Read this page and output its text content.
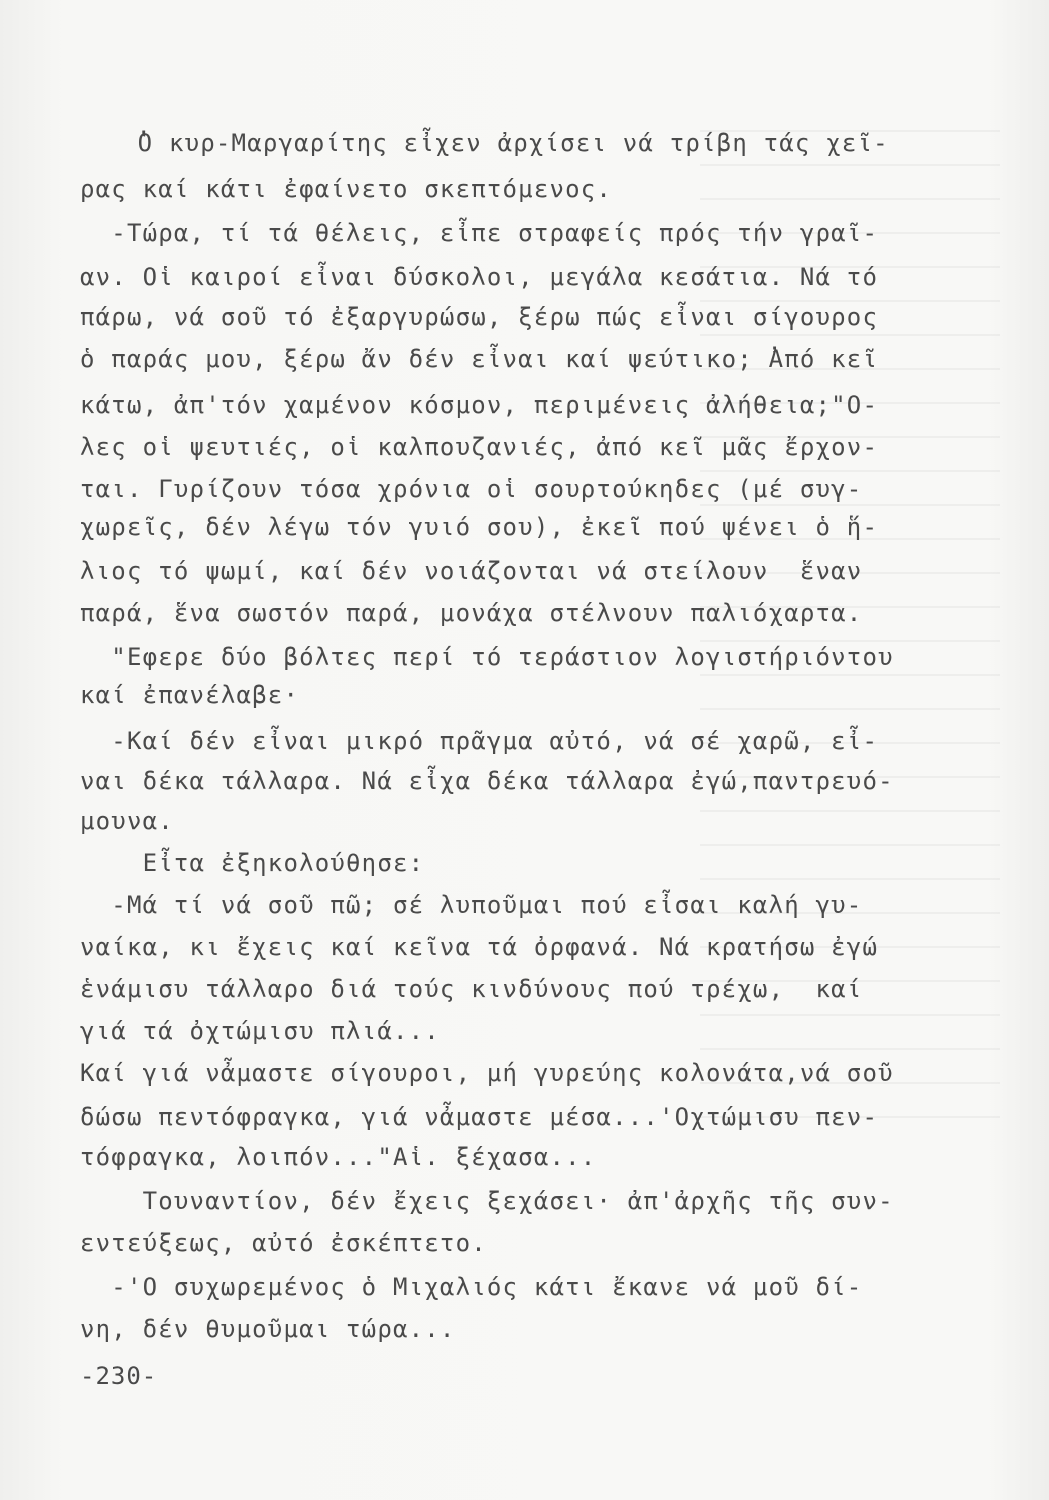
̔Ο κυρ-Μαργαρίτης εἶχεν ἀρχίσει νά τρίβη τάς χεῖ-
ρας καί κάτι ἐφαίνετο σκεπτόμενος.
-Τώρα, τί τά θέλεις, εἶπε στραφείς πρός τήν γραῖ-
αν. Οἱ καιροί εἶναι δύσκολοι, μεγάλα κεσάτια. Νά τό
πάρω, νά σοῦ τό ἐξαργυρώσω, ξέρω πώς εἶναι σίγουρος
ὁ παράς μου, ξέρω ἄν δέν εἶναι καί ψεύτικο; ̓Από κεῖ
κάτω, ἀπ'τόν χαμένον κόσμον, περιμένεις ἀλήθεια;"Ο-
λες οἱ ψευτιές, οἱ καλπουζανιές, ἀπό κεῖ μᾶς ἔρχον-
ται. Γυρίζουν τόσα χρόνια οἱ σουρτούκηδες (μέ συγ-
χωρεῖς, δέν λέγω τόν γυιό σου), ἐκεῖ πού ψένει ὁ ἥ-
λιος τό ψωμί, καί δέν νοιάζονται νά στείλουν  ἕναν
παρά, ἕνα σωστόν παρά, μονάχα στέλνουν παλιόχαρτα.
"Εφερε δύο βόλτες περί τό τεράστιον λογιστήριόντου
καί ἐπανέλαβε·
-Καί δέν εἶναι μικρό πρᾶγμα αὐτό, νά σέ χαρῶ, εἶ-
ναι δέκα τάλλαρα. Νά εἶχα δέκα τάλλαρα ἐγώ,παντρευό-
μουνα.
Εἶτα ἐξηκολούθησε:
-Μά τί νά σοῦ πῶ; σέ λυποῦμαι πού εἶσαι καλή γυ-
ναίκα, κι ἔχεις καί κεῖνα τά ὀρφανά. Νά κρατήσω ἐγώ
ἑνάμισυ τάλλαρο διά τούς κινδύνους πού τρέχω,  καί
γιά τά ὀχτώμισυ πλιά...
Καί γιά νἆμαστε σίγουροι, μή γυρεύης κολονάτα,νά σοῦ
δώσω πεντόφραγκα, γιά νἆμαστε μέσα...'Οχτώμισυ πεν-
τόφραγκα, λοιπόν..."Αἱ. ξέχασα...
Τουναντίον, δέν ἔχεις ξεχάσει· ἀπ'ἀρχῆς τῆς συν-
εντεύξεως, αὐτό ἐσκέπτετο.
-'Ο συχωρεμένος ὁ Μιχαλιός κάτι ἔκανε νά μοῦ δί-
νη, δέν θυμοῦμαι τώρα...
-230-
